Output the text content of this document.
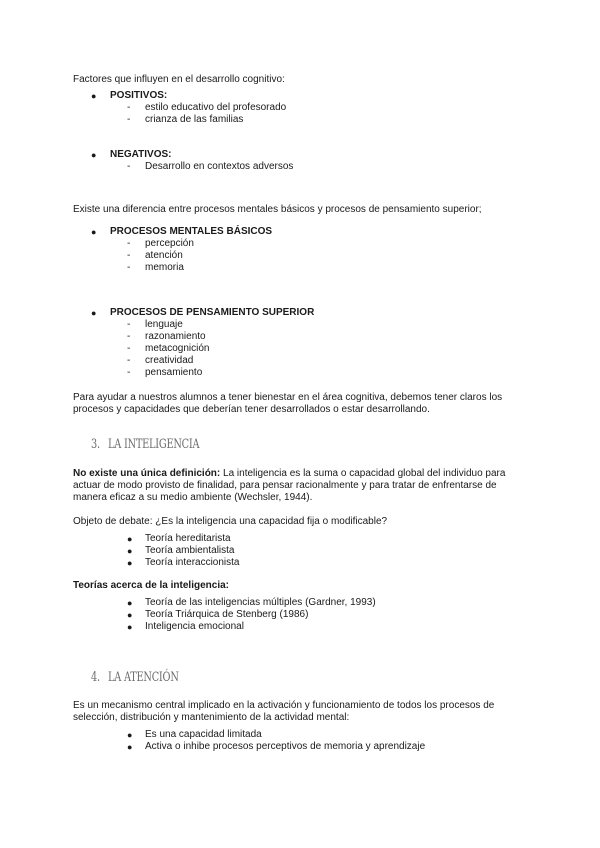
Factores que influyen en el desarrollo cognitivo:
● POSITIVOS:
- estilo educativo del profesorado
- crianza de las familias
● NEGATIVOS:
- Desarrollo en contextos adversos
Existe una diferencia entre procesos mentales básicos y procesos de pensamiento superior;
● PROCESOS MENTALES BÁSICOS
- percepción
- atención
- memoria
● PROCESOS DE PENSAMIENTO SUPERIOR
- lenguaje
- razonamiento
- metacognición
- creatividad
- pensamiento
Para ayudar a nuestros alumnos a tener bienestar en el área cognitiva, debemos tener claros los procesos y capacidades que deberían tener desarrollados o estar desarrollando.
3. LA INTELIGENCIA
No existe una única definición: La inteligencia es la suma o capacidad global del individuo para actuar de modo provisto de finalidad, para pensar racionalmente y para tratar de enfrentarse de manera eficaz a su medio ambiente (Wechsler, 1944).
Objeto de debate: ¿Es la inteligencia una capacidad fija o modificable?
● Teoría hereditarista
● Teoría ambientalista
● Teoría interaccionista
Teorías acerca de la inteligencia:
● Teoría de las inteligencias múltiples (Gardner, 1993)
● Teoría Triárquica de Stenberg (1986)
● Inteligencia emocional
4. LA ATENCIÓN
Es un mecanismo central implicado en la activación y funcionamiento de todos los procesos de selección, distribución y mantenimiento de la actividad mental:
● Es una capacidad limitada
● Activa o inhibe procesos perceptivos de memoria y aprendizaje
